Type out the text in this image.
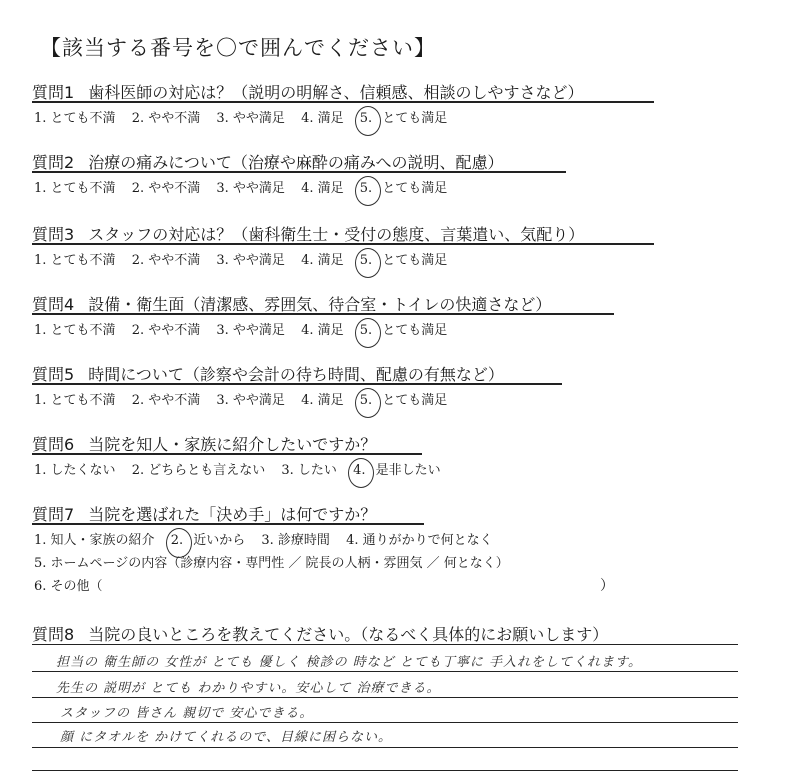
【該当する番号を〇で囲んでください】
質問1 歯科医師の対応は？（説明の明解さ、信頼感、相談のしやすさなど）
1. とても不満 2. やや不満 3. やや満足 4. 満足 5. とても満足
質問2 治療の痛みについて（治療や麻酔の痛みへの説明、配慮）
1. とても不満 2. やや不満 3. やや満足 4. 満足 5. とても満足
質問3 スタッフの対応は？（歯科衛生士・受付の態度、言葉遣い、気配り）
1. とても不満 2. やや不満 3. やや満足 4. 満足 5. とても満足
質問4 設備・衛生面（清潔感、雰囲気、待合室・トイレの快適さなど）
1. とても不満 2. やや不満 3. やや満足 4. 満足 5. とても満足
質問5 時間について（診察や会計の待ち時間、配慮の有無など）
1. とても不満 2. やや不満 3. やや満足 4. 満足 5. とても満足
質問6 当院を知人・家族に紹介したいですか？
1. したくない 2. どちらとも言えない 3. したい 4. 是非したい
質問7 当院を選ばれた「決め手」は何ですか？
1. 知人・家族の紹介 2. 近いから 3. 診療時間 4. 通りがかりで何となく
5. ホームページの内容（診療内容・専門性 ／ 院長の人柄・雰囲気 ／ 何となく）
6. その他（	）
質問8 当院の良いところを教えてください。（なるべく具体的にお願いします）
担当の 衛生師の 女性が とても 優しく 検診の 時など とても丁寧に 手入れをしてくれます。
先生の 説明が とても わかりやすい。安心して 治療できる。
スタッフの 皆さん 親切で 安心できる。
顔 にタオルを かけてくれるので、目線に困らない。
